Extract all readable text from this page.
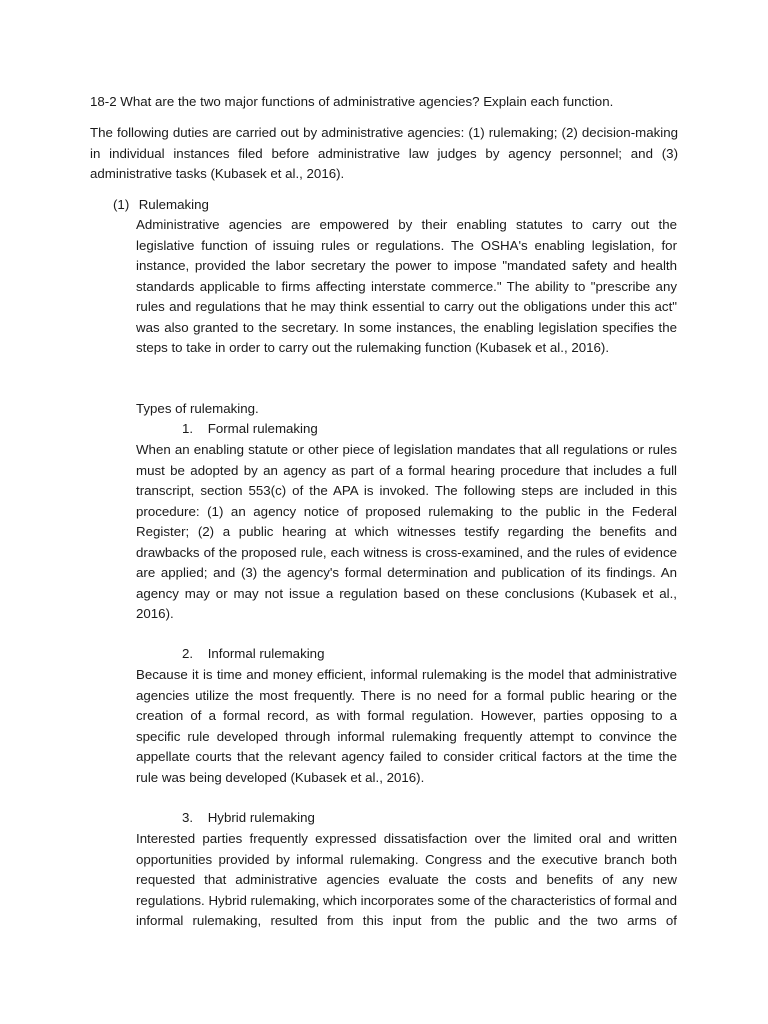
18-2 What are the two major functions of administrative agencies? Explain each function.

The following duties are carried out by administrative agencies: (1) rulemaking; (2) decision-making in individual instances filed before administrative law judges by agency personnel; and (3) administrative tasks (Kubasek et al., 2016).

(1) Rulemaking

Administrative agencies are empowered by their enabling statutes to carry out the legislative function of issuing rules or regulations. The OSHA's enabling legislation, for instance, provided the labor secretary the power to impose "mandated safety and health standards applicable to firms affecting interstate commerce." The ability to "prescribe any rules and regulations that he may think essential to carry out the obligations under this act" was also granted to the secretary. In some instances, the enabling legislation specifies the steps to take in order to carry out the rulemaking function (Kubasek et al., 2016).

Types of rulemaking.

1. Formal rulemaking

When an enabling statute or other piece of legislation mandates that all regulations or rules must be adopted by an agency as part of a formal hearing procedure that includes a full transcript, section 553(c) of the APA is invoked. The following steps are included in this procedure: (1) an agency notice of proposed rulemaking to the public in the Federal Register; (2) a public hearing at which witnesses testify regarding the benefits and drawbacks of the proposed rule, each witness is cross-examined, and the rules of evidence are applied; and (3) the agency's formal determination and publication of its findings. An agency may or may not issue a regulation based on these conclusions (Kubasek et al., 2016).

2. Informal rulemaking

Because it is time and money efficient, informal rulemaking is the model that administrative agencies utilize the most frequently. There is no need for a formal public hearing or the creation of a formal record, as with formal regulation. However, parties opposing to a specific rule developed through informal rulemaking frequently attempt to convince the appellate courts that the relevant agency failed to consider critical factors at the time the rule was being developed (Kubasek et al., 2016).

3. Hybrid rulemaking

Interested parties frequently expressed dissatisfaction over the limited oral and written opportunities provided by informal rulemaking. Congress and the executive branch both requested that administrative agencies evaluate the costs and benefits of any new regulations. Hybrid rulemaking, which incorporates some of the characteristics of formal and informal rulemaking, resulted from this input from the public and the two arms of
